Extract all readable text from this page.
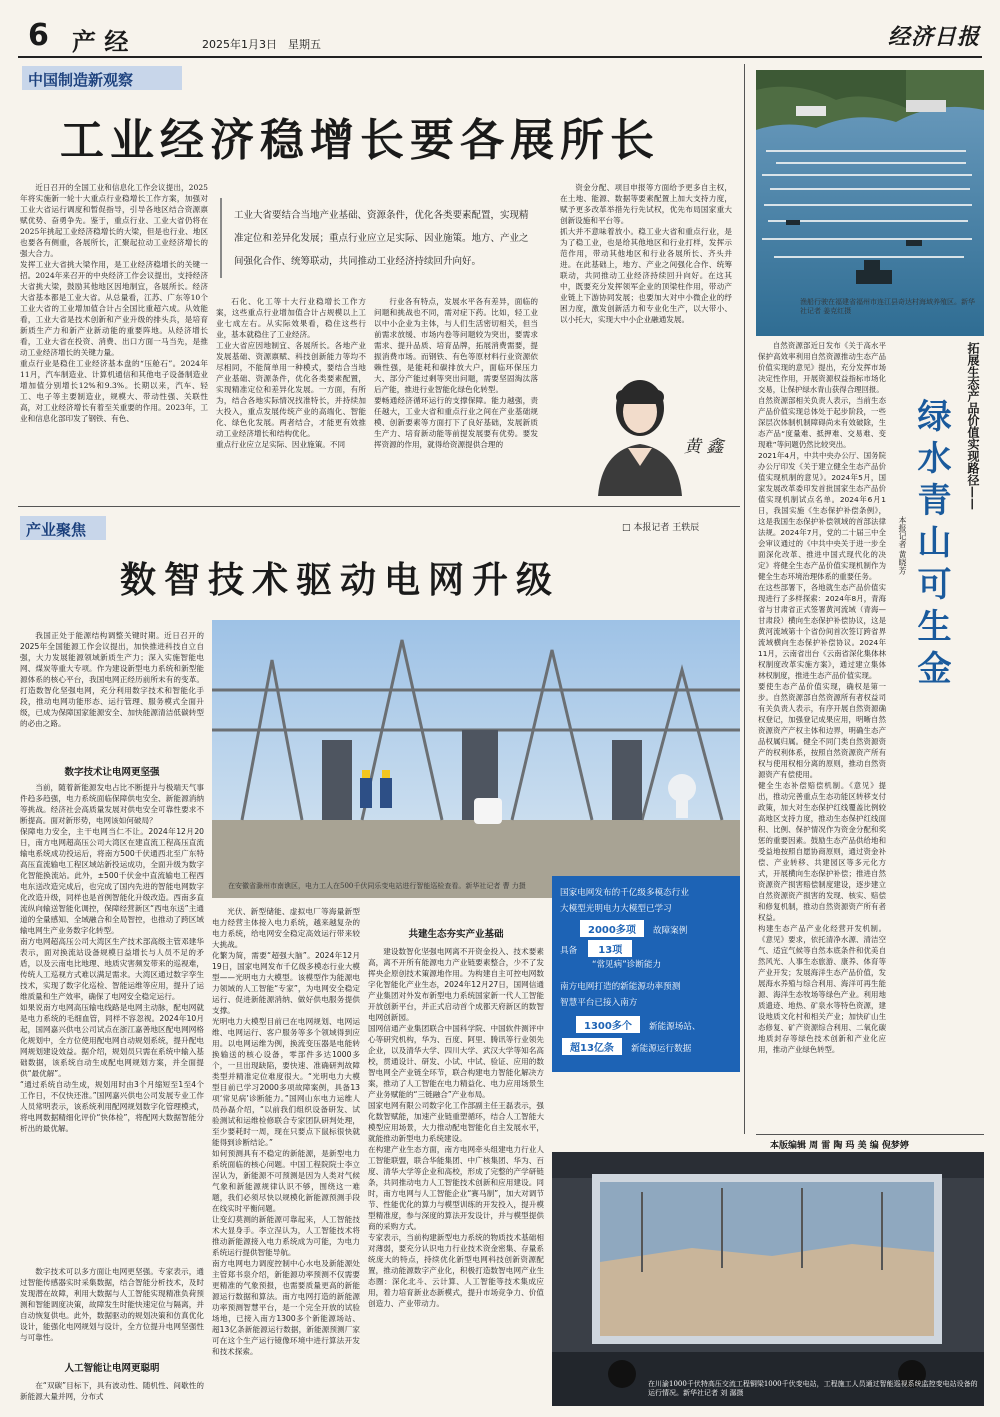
6 产 经	2025年1月3日　星期五	经济日报
中国制造新观察
工业经济稳增长要各展所长
近日召开的全国工业和信息化工作会议提出，2025年将实施新一轮十大重点行业稳增长工作方案，加强对工业大省运行调度和暂促指导，引导各地区结合资源禀赋优势、奋勇争先。鉴于，重点行业、工业大省仍将在2025年挑起工业经济稳增长的大梁，但是也行业、地区也要各有侧重，各展所长，汇聚起拉动工业经济增长的强大合力。
发挥工业大省挑大梁作用，是工业经济稳增长的关键一招。2024年来召开的中央经济工作会议提出，支持经济大省挑大梁，鼓励其他地区因地制宜，各展所长。经济大省基本都是工业大省。从总量看，江苏、广东等10个工业大省的工业增加值合计占全国比重超六成。从效能看，工业大省是技术创新和产业升级的排头兵，是培育新质生产力和新产业新动能的重要阵地。从经济增长看，工业大省在投资、消费、出口方面一马当先，是推动工业经济增长的关键力量。
重点行业是稳住工业经济基本盘的“压舱石”。2024年11月，汽车制造业、计算机通信和其他电子设备制造业增加值分别增长12%和9.3%。长期以来，汽车、轻工、电子等主要制造业，规模大、带动性强、关联性高，对工业经济增长有着至关重要的作用。2023年，工业和信息化部印发了钢铁、有色、
工业大省要结合当地产业基础、资源条件，优化各类要素配置，实现精准定位和差异化发展；重点行业应立足实际、因业施策。地方、产业之间强化合作、统筹联动，共同推动工业经济持续回升向好。
石化、化工等十大行业稳增长工作方案，这些重点行业增加值合计占规模以上工业七成左右。从实际效果看，稳住这些行业，基本就稳住了工业经济。
工业大省应因地制宜、各展所长。各地产业发展基础、资源禀赋、科技创新能力等均不尽相同，不能简单用一种模式，要结合当地产业基础、资源条件，优化各类要素配置，实现精准定位和差异化发展。一方面，有所为，结合各地实际情况找准特长，并持续加大投入，重点发展传统产业的高端化、智能化、绿色化发展。两者结合，才能更有效推动工业经济增长和结构优化。
重点行业应立足实际、因业施策。不同
行业各有特点，发展水平各有差异，面临的问题和挑战也不同，需对症下药。比如，轻工业以中小企业为主体，与人们生活密切相关，但当前需求放缓、市场内卷等问题较为突出，要需求需求、提升品质、培育品牌，拓展消费需要，提振消费市场。而钢铁、有色等原材料行业资源依赖性强，是能耗和碳排放大户，面临环保压力大、部分产能过剩等突出问题，需要坚固淘汰落后产能，推进行业智能化绿色化转型。
要畅通经济循环运行的支撑保障。能力越强，责任越大，工业大省和重点行业之间在产业基础规模、创新要素等方面打下了良好基础，发展新质生产力、培育新动能等前提发展要有优势。要发挥资源的作用，就得给资源提供合理的
资金分配、项目申报等方面给予更多自主权，在土地、能源、数据等要素配置上加大支持力度，赋予更多改革举措先行先试权，优先布局国家重大创新设施和平台等。
抓大并不意味着放小。稳工业大省和重点行业，是为了稳工业，也是给其他地区和行业打样，发挥示范作用，带动其他地区和行业各展所长、齐头并进。在此基础上，地方、产业之间强化合作、统筹联动，共同推动工业经济持续回升向好。在这其中，既要充分发挥领军企业的顶梁柱作用，带动产业链上下游协同发展；也要加大对中小微企业的纾困力度，激发创新活力和专业化生产，以大带小、以小托大，实现大中小企业融通发展。
黄 鑫
渔船行驶在福建省福州市连江县奇达村海域养殖区。新华社记者 姜克红摄
自然资源部近日发布《关于高水平保护高效率利用自然资源推动生态产品价值实现的意见》提出，充分发挥市场决定性作用，开展资源权益指标市场化交易，让保护绿水青山获得合理回报。
自然资源部相关负责人表示，当前生态产品价值实现总体处于起步阶段，一些深层次体制机制障碍尚未有效破除，生态产品“度量难、抵押难、交易难、变现难”等问题仍然比较突出。
2021年4月，中共中央办公厅、国务院办公厅印发《关于建立健全生态产品价值实现机制的意见》。2024年5月，国家发展改革委印发首批国家生态产品价值实现机制试点名单。2024年6月1日，我国实施《生态保护补偿条例》，这是我国生态保护补偿领域的首部法律法规。2024年7月，党的二十届三中全会审议通过的《中共中央关于进一步全面深化改革、推进中国式现代化的决定》将健全生态产品价值实现机制作为健全生态环境治理体系的重要任务。
在这些部署下，各地就生态产品价值实现进行了多样探索：2024年8月，青海省与甘肃省正式签署黄河流域（青海—甘肃段）横向生态保护补偿协议，这是黄河流域第十个省份间首次签订跨省界流域横向生态保护补偿协议。2024年11月，云南省出台《云南省深化集体林权制度改革实施方案》，通过建立集体林权制度，推进生态产品价值实现。
要使生态产品价值实现，确权是第一步。自然资源部自然资源所有者权益司有关负责人表示，有序开展自然资源确权登记，加强登记成果应用，明晰自然资源资产产权主体和边界，明确生态产品权属归属。健全不同门类自然资源资产的权利体系，按照自然资源资产所有权与使用权相分离的原则，推动自然资源资产有偿使用。
健全生态补偿赔偿机制。《意见》提出，推动完善重点生态功能区转移支付政策，加大对生态保护红线覆盖比例较高地区支持力度，推动生态保护红线面积、比例、保护情况作为资金分配和奖惩的重要因素。鼓励生态产品供给地和受益地按照自愿协商原则，通过资金补偿、产业转移、共建园区等多元化方式，开展横向生态保护补偿；推进自然资源资产损害赔偿制度建设，逐步建立自然资源资产损害的发现、核实、赔偿和修复机制，推动自然资源资产所有者权益。
构建生态产品产业化经营开发机制。《意见》要求，依托清净水源、清洁空气、适宜气候等自然本底条件和优美自然风光、人事生态旅游、康养、体育等产业开发；发展海洋生态产品价值，发展海水养殖与综合利用、海洋可再生能源、海洋生态牧场等绿色产业。利用地质遗迹、地热、矿泉水等特色资源，建设地质文化村和相关产业；加快矿山生态修复、矿产资源综合利用、二氧化碳地质封存等绿色技术创新和产业化应用，推动产业绿色转型。
拓展生态产品价值实现路径——
绿水青山可生金
本报记者 黄晓芳
本版编辑 周 雷 陶 玛 美 编 倪梦婷
产业聚焦	□ 本报记者 王轶辰
数智技术驱动电网升级
在安徽省滁州市南谯区，电力工人在500千伏同乐变电站进行智能巡检查看。新华社记者 曹 力摄
我国正处于能源结构调整关键时期。近日召开的2025年全国能源工作会议提出，加快推进科技自立自强，大力发展能源领域新质生产力；深入实施智能电网、煤炭等重大专项。作为建设新型电力系统和新型能源体系的核心平台，我国电网正经历前所未有的变革。打造数智化坚强电网，充分利用数字技术和智能化手段，推动电网功能形态、运行管理、服务模式全面升级，已成为保障国家能源安全、加快能源清洁低碳转型的必由之路。
数字技术让电网更坚强
当前，随着新能源发电占比不断提升与极端天气事件趋多趋强，电力系统面临保障供电安全、新能源消纳等挑战。经济社会高质量发展对供电安全可靠性要求不断提高。面对新形势，电网该如何破局？
保障电力安全，主干电网当仁不让。2024年12月20日，南方电网超高压公司大湾区在建直流工程高压直流输电系统成功投运后，将南方500千伏通西北至广东特高压直流输电工程区域站新投运成功，全面升级为数字化智能换流站。此外，±500千伏金中直流输电工程西电东送改造完成后，也完成了国内先进的智能电网数字化改造升级，同样也是首例智能化升级改造。西南多直流纵向输送智能化调控，保障经营新区“西电东送”主通道的全量感知、全域融合和全局智控，也推动了跨区域输电网生产业务数字化转型。
南方电网超高压公司大湾区生产技术部高级主管邓建华表示，面对换流站设备规模日益增长与人员不足的矛盾，以及云南电比地理、地质灾害频发带来的巡视难，传统人工巡视方式难以满足需求。大湾区通过数字孪生技术，实现了数字化巡检、智能运维等应用，提升了运维质量和生产效率，确保了电网安全稳定运行。
如果说南方电网高压输电线路是电网主动脉，配电网就是电力系统的毛细血管，同样不容忽视。2024年10月起，国网嘉兴供电公司试点在浙江嘉善地区配电网网格化规划中，全方位使用配电网自动规划系统，提升配电网规划建设效益。据介绍，规划员只需在系统中输入基础数据，该系统自动生成配电网规划方案，并全面提供“最优解”。
“通过系统自动生成，规划用时由3个月缩短至1至4个工作日，不仅快还准。”国网嘉兴供电公司发展专业工作人员常明表示，该系统利用配网规划数字化管理模式，将电网数据精细化评价“快体检”，将配网大数据智能分析出的最优解。
数字技术可以多方面让电网更坚强。专家表示，通过智能传感器实时采集数据，结合智能分析技术，及时发现潜在故障，利用大数据与人工智能实现精准负荷预测和智能调度决策，故障发生时能快速定位与隔离，并自动恢复供电。此外，数据驱动的规划决策和仿真优化设计，能强化电网规划与设计，全方位提升电网坚强性与可靠性。
人工智能让电网更聪明
在“双碳”目标下，具有波动性、随机性、间歇性的新能源大量并网，分布式
光伏、新型储能、虚拟电厂等海量新型电力经营主体接入电力系统，越来越复杂的电力系统，给电网安全稳定高效运行带来较大挑战。
化繁为简，需要“超强大脑”。2024年12月19日，国家电网发布千亿级多模态行业大模型——光明电力大模型。该模型作为能源电力领域的人工智能“专家”，为电网安全稳定运行、促进新能源消纳、做好供电服务提供支撑。
光明电力大模型目前已在电网规划、电网运维、电网运行、客户服务等多个领域得到应用。以电网运维为例，换流变压器是电能转换输送的核心设备，零部件多达1000多个，一旦出现缺陷，要快速、准确研判故障类型并精准定位难度很大。“光明电力大模型目前已学习2000多项故障案例，具备13项‘常见病’诊断能力。”国网山东电力运维人员孙磊介绍，“以前我们组织设备研发、试验测试和运维检修联合专家团队研判处理，至少要耗时一周，现在只要点下鼠标很快就能得到诊断结论。”
如何预测具有不稳定的新能源，是新型电力系统面临的核心问题。中国工程院院士李立浧认为，新能源不可预测是因为人类对气候气象和新能源规律认识不够，围绕这一难题，我们必须尽快以规模化新能源预测手段在线实时平衡问题。
让变幻莫测的新能源可靠起来，人工智能技术大显身手。李立浧认为，人工智能技术将推动新能源接入电力系统成为可能，为电力系统运行提供智能导航。
南方电网电力调度控制中心水电及新能源处主管郑书泉介绍，新能源功率预测不仅需要更精准的气象预报，也需要质量更高的新能源运行数据和算法。南方电网打造的新能源功率预测智慧平台，是一个完全开放的试验场地，已接入南方1300多个新能源场站、超13亿条新能源运行数据，新能源预测厂家可在这个生产运行镜像环境中进行算法开发和技术探索。
共建生态夯实产业基础
建设数智化坚强电网离不开资金投入、技术要素高，离不开所有能源电力产业链要素整合，少不了发挥央企原创技术策源地作用。为构建自主可控电网数字化智能化产业生态，2024年12月27日，国网信通产业集团对外发布新型电力系统国家新一代人工智能开放创新平台，并正式启动首个成都天府新区的数智电网创新园。
国网信通产业集团联合中国科学院、中国软件测评中心等研究机构，华为、百度、阿里、腾讯等行业领先企业，以及清华大学、四川大学、武汉大学等知名高校，贯通设计、研发、小试、中试、验证、应用的数智电网全产业链全环节，联合构建电力智能化解决方案，推动了人工智能在电力精益化、电力应用场景生产业务赋能的“三链融合”产业布局。
国家电网有限公司数字化工作部副主任王磊表示，强化数智赋能，加速产业链重塑循环，结合人工智能大模型应用场景，大力推动配电智能化自主发展水平，就能推动新型电力系统建设。
在构建产业生态方面，南方电网牵头组建电力行业人工智能联盟，联合华能集团、中广核集团、华为、百度、清华大学等企业和高校，形成了完整的产学研链条，共同推动电力人工智能技术创新和应用建设。同时，南方电网与人工智能企业“赛马制”，加大对调节节、性能优化的算力与模型训练的开发投入，提升模型精准度，参与深度的算法开发设计，并与模型提供商的采购方式。
专家表示，当前构建新型电力系统的物质技术基础相对薄弱，要充分认识电力行业技术资金密集、存量系统庞大的特点，持续优化新型电网科技创新资源配置，推动能源数字产业化，积极打造数智电网产业生态圈：深化北斗、云计算、人工智能等技术集成应用，着力培育新业态新模式，提升市场竞争力、价值创造力、产业带动力。
国家电网发布的千亿级多模态行业
大模型光明电力大模型已学习
2000多项 故障案例
具备 13项
“常见病”诊断能力
南方电网打造的新能源功率预测
智慧平台已接入南方
1300多个 新能源场站、
超13亿条 新能源运行数据
在川渝1000千伏特高压交流工程铜梁1000千伏变电站，工程施工人员通过智能巡视系统监控变电站设备的运行情况。新华社记者 刘 潺摄
